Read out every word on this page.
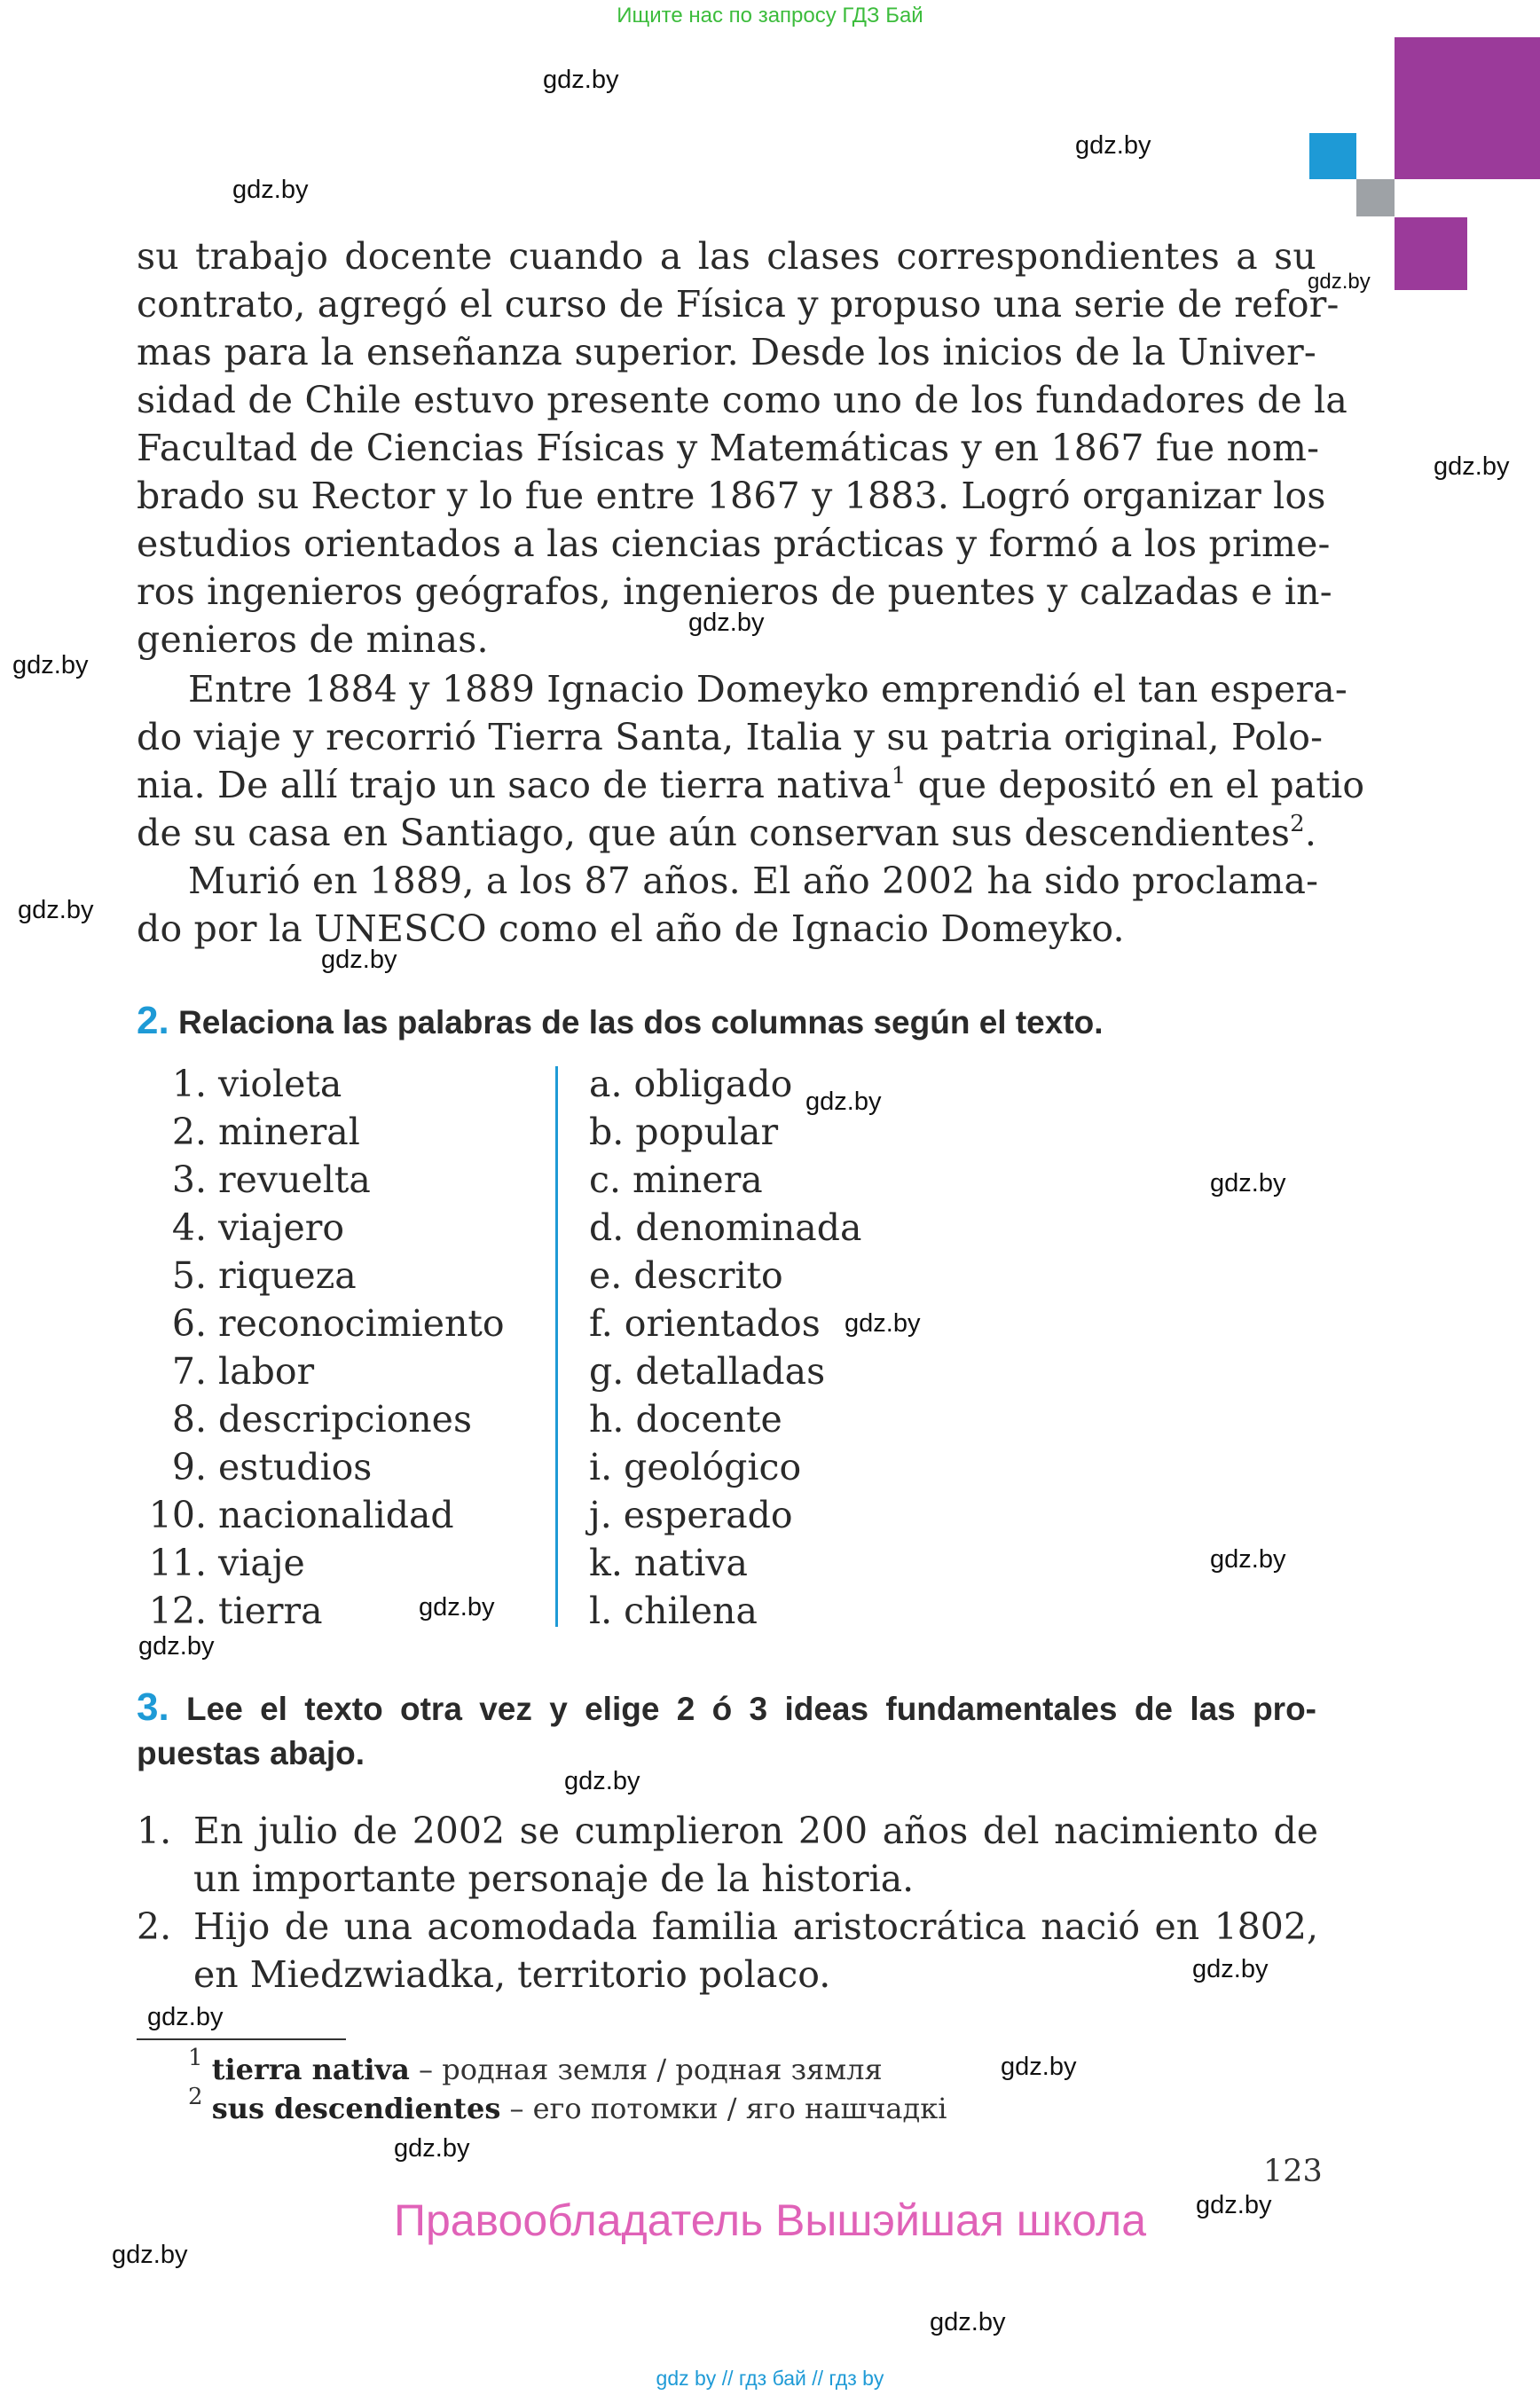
Ищите нас по запросу ГДЗ Бай
gdz.by
gdz.by
gdz.by
gdz.by
gdz.by
gdz.by
gdz.by
gdz.by
gdz.by
gdz.by
gdz.by
gdz.by
gdz.by
gdz.by
gdz.by
gdz.by
gdz.by
gdz.by
gdz.by
gdz.by
gdz.by
gdz.by
gdz.by
su trabajo docente cuando a las clases correspondientes a su
contrato, agregó el curso de Física y propuso una serie de refor-
mas para la enseñanza superior. Desde los inicios de la Univer-
sidad de Chile estuvo presente como uno de los fundadores de la
Facultad de Ciencias Físicas y Matemáticas y en 1867 fue nom-
brado su Rector y lo fue entre 1867 y 1883. Logró organizar los
estudios orientados a las ciencias prácticas y formó a los prime-
ros ingenieros geógrafos, ingenieros de puentes y calzadas e in-
genieros de minas.
Entre 1884 y 1889 Ignacio Domeyko emprendió el tan espera-
do viaje y recorrió Tierra Santa, Italia y su patria original, Polo-
nia. De allí trajo un saco de tierra nativa$^1$ que depositó en el patio
de su casa en Santiago, que aún conservan sus descendientes$^2$.
Murió en 1889, a los 87 años. El año 2002 ha sido proclama-
do por la UNESCO como el año de Ignacio Domeyko.
2. Relaciona las palabras de las dos columnas según el texto.
1. violeta
2. mineral
3. revuelta
4. viajero
5. riqueza
6. reconocimiento
7. labor
8. descripciones
9. estudios
10. nacionalidad
11. viaje
12. tierra
a. obligado
b. popular
c. minera
d. denominada
e. descrito
f. orientados
g. detalladas
h. docente
i. geológico
j. esperado
k. nativa
l. chilena
3. Lee el texto otra vez y elige 2 ó 3 ideas fundamentales de las pro-
puestas abajo.
1. En julio de 2002 se cumplieron 200 años del nacimiento de
un importante personaje de la historia.
2. Hijo de una acomodada familia aristocrática nació en 1802,
en Miedzwiadka, territorio polaco.
$^1$ tierra nativa – родная земля / родная зямля
$^2$ sus descendientes – его потомки / яго нашчадкі
123
Правообладатель Вышэйшая школа
gdz by // гдз бай // гдз by
